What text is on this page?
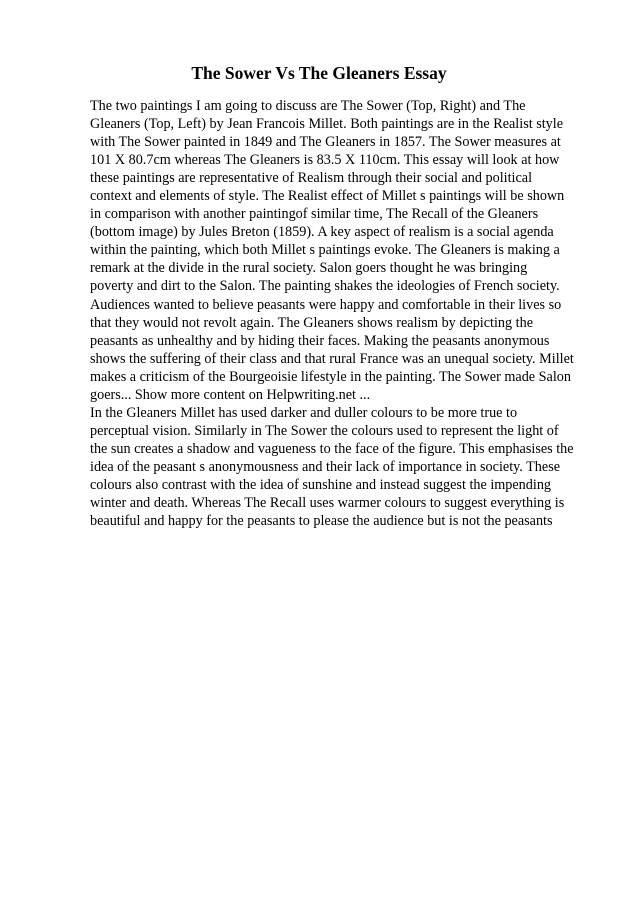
The Sower Vs The Gleaners Essay
The two paintings I am going to discuss are The Sower (Top, Right) and The
Gleaners (Top, Left) by Jean Francois Millet. Both paintings are in the Realist style
with The Sower painted in 1849 and The Gleaners in 1857. The Sower measures at
101 X 80.7cm whereas The Gleaners is 83.5 X 110cm. This essay will look at how
these paintings are representative of Realism through their social and political
context and elements of style. The Realist effect of Millet s paintings will be shown
in comparison with another paintingof similar time, The Recall of the Gleaners
(bottom image) by Jules Breton (1859). A key aspect of realism is a social agenda
within the painting, which both Millet s paintings evoke. The Gleaners is making a
remark at the divide in the rural society. Salon goers thought he was bringing
poverty and dirt to the Salon. The painting shakes the ideologies of French society.
Audiences wanted to believe peasants were happy and comfortable in their lives so
that they would not revolt again. The Gleaners shows realism by depicting the
peasants as unhealthy and by hiding their faces. Making the peasants anonymous
shows the suffering of their class and that rural France was an unequal society. Millet
makes a criticism of the Bourgeoisie lifestyle in the painting. The Sower made Salon
goers... Show more content on Helpwriting.net ...
In the Gleaners Millet has used darker and duller colours to be more true to
perceptual vision. Similarly in The Sower the colours used to represent the light of
the sun creates a shadow and vagueness to the face of the figure. This emphasises the
idea of the peasant s anonymousness and their lack of importance in society. These
colours also contrast with the idea of sunshine and instead suggest the impending
winter and death. Whereas The Recall uses warmer colours to suggest everything is
beautiful and happy for the peasants to please the audience but is not the peasants
